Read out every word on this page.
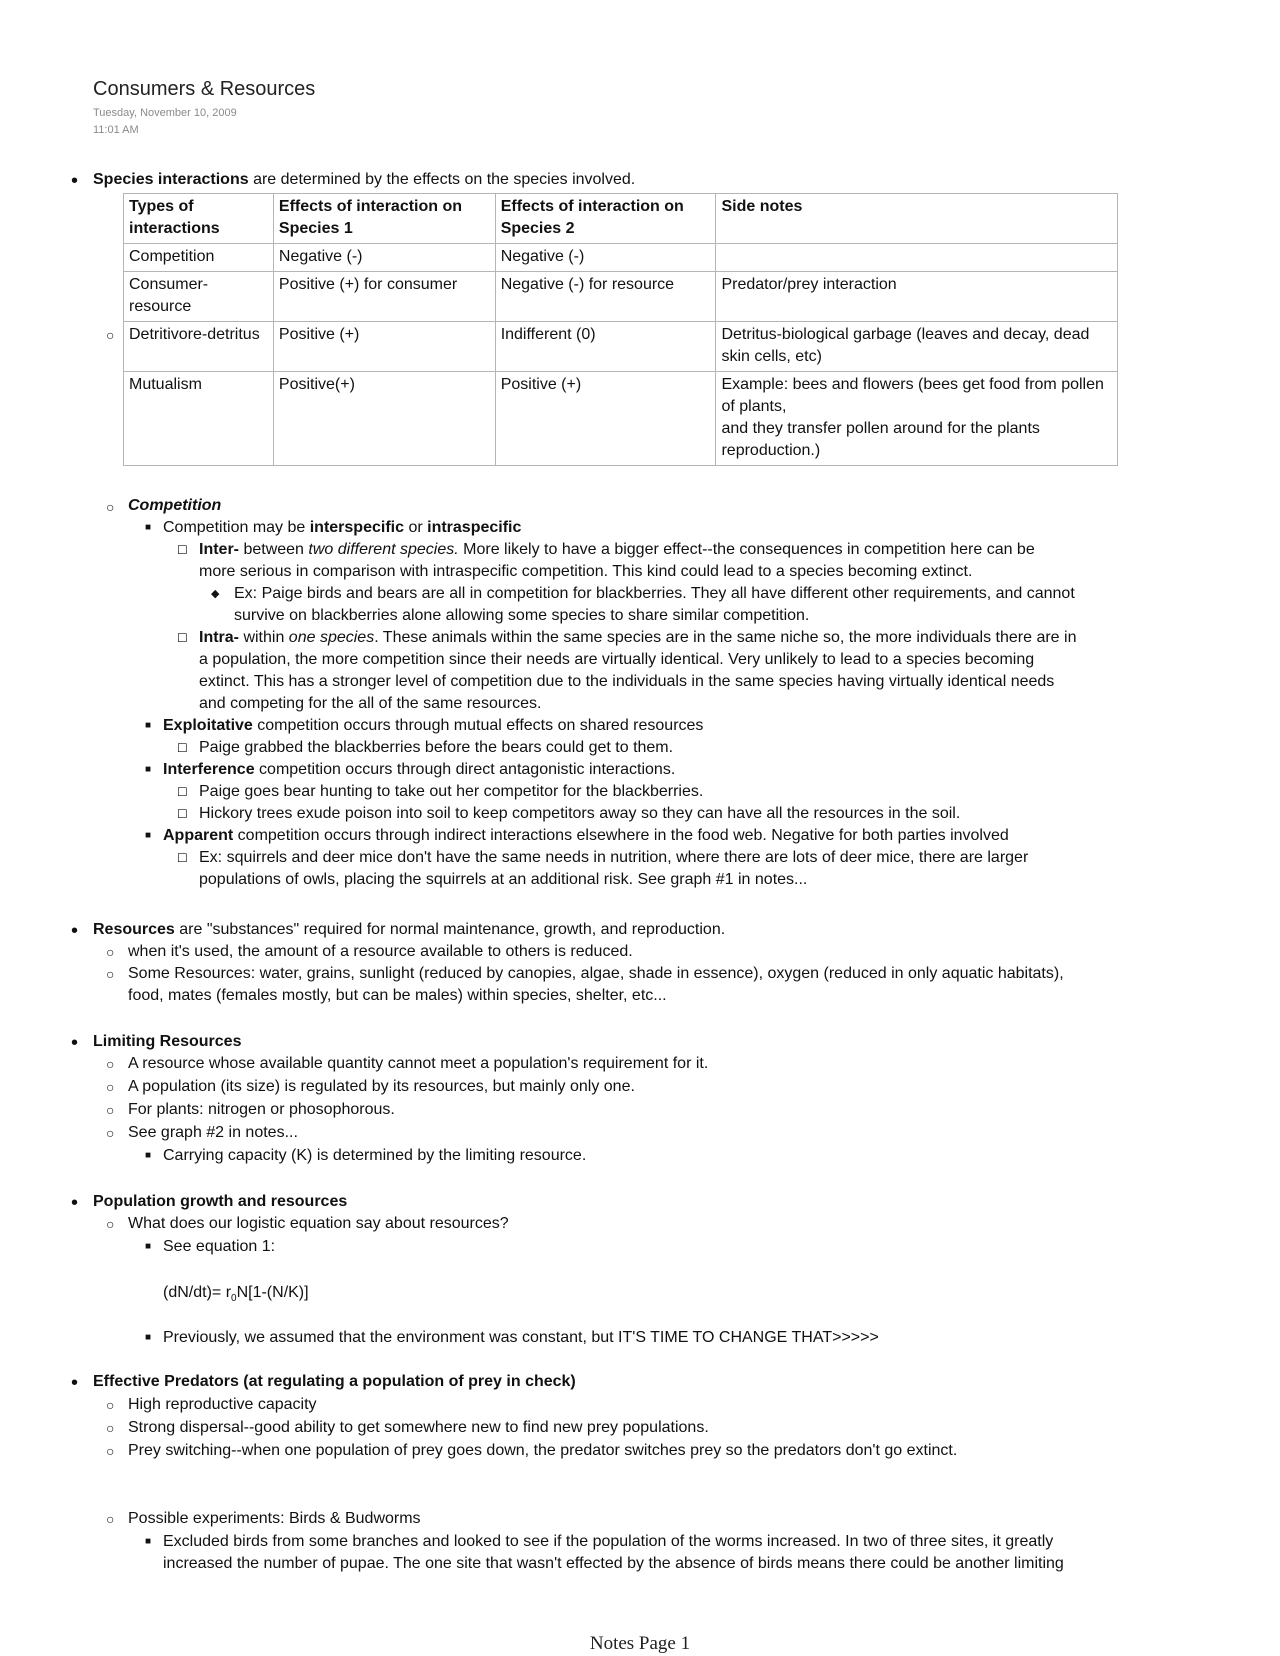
Consumers & Resources
Tuesday, November 10, 2009
11:01 AM
• Species interactions are determined by the effects on the species involved.
○
Types of interactions	Effects of interaction on Species 1	Effects of interaction on Species 2	Side notes
Competition	Negative (-)	Negative (-)	
Consumer-resource	Positive (+) for consumer	Negative (-) for resource	Predator/prey interaction
Detritivore-detritus	Positive (+)	Indifferent (0)	Detritus-biological garbage (leaves and decay, dead skin cells, etc)
Mutualism	Positive(+)	Positive (+)	Example: bees and flowers (bees get food from pollen of plants,
and they transfer pollen around for the plants reproduction.)
○ Competition
■ Competition may be interspecific or intraspecific
☐ Inter- between two different species. More likely to have a bigger effect--the consequences in competition here can be
more serious in comparison with intraspecific competition. This kind could lead to a species becoming extinct.
◆ Ex: Paige birds and bears are all in competition for blackberries. They all have different other requirements, and cannot
survive on blackberries alone allowing some species to share similar competition.
☐ Intra- within one species. These animals within the same species are in the same niche so, the more individuals there are in
a population, the more competition since their needs are virtually identical. Very unlikely to lead to a species becoming
extinct. This has a stronger level of competition due to the individuals in the same species having virtually identical needs
and competing for the all of the same resources.
■ Exploitative competition occurs through mutual effects on shared resources
☐ Paige grabbed the blackberries before the bears could get to them.
■ Interference competition occurs through direct antagonistic interactions.
☐ Paige goes bear hunting to take out her competitor for the blackberries.
☐ Hickory trees exude poison into soil to keep competitors away so they can have all the resources in the soil.
■ Apparent competition occurs through indirect interactions elsewhere in the food web. Negative for both parties involved
☐ Ex: squirrels and deer mice don't have the same needs in nutrition, where there are lots of deer mice, there are larger
populations of owls, placing the squirrels at an additional risk. See graph #1 in notes...
• Resources are "substances" required for normal maintenance, growth, and reproduction.
○ when it's used, the amount of a resource available to others is reduced.
○ Some Resources: water, grains, sunlight (reduced by canopies, algae, shade in essence), oxygen (reduced in only aquatic habitats),
food, mates (females mostly, but can be males) within species, shelter, etc...
• Limiting Resources
○ A resource whose available quantity cannot meet a population's requirement for it.
○ A population (its size) is regulated by its resources, but mainly only one.
○ For plants: nitrogen or phosophorous.
○ See graph #2 in notes...
■ Carrying capacity (K) is determined by the limiting resource.
• Population growth and resources
○ What does our logistic equation say about resources?
■ See equation 1:
$(dN/dt)= r_0N[1-(N/K)]$
■ Previously, we assumed that the environment was constant, but IT'S TIME TO CHANGE THAT>>>>>
• Effective Predators (at regulating a population of prey in check)
○ High reproductive capacity
○ Strong dispersal--good ability to get somewhere new to find new prey populations.
○ Prey switching--when one population of prey goes down, the predator switches prey so the predators don't go extinct.
○ Possible experiments: Birds & Budworms
■ Excluded birds from some branches and looked to see if the population of the worms increased. In two of three sites, it greatly
increased the number of pupae. The one site that wasn't effected by the absence of birds means there could be another limiting
Notes Page 1
